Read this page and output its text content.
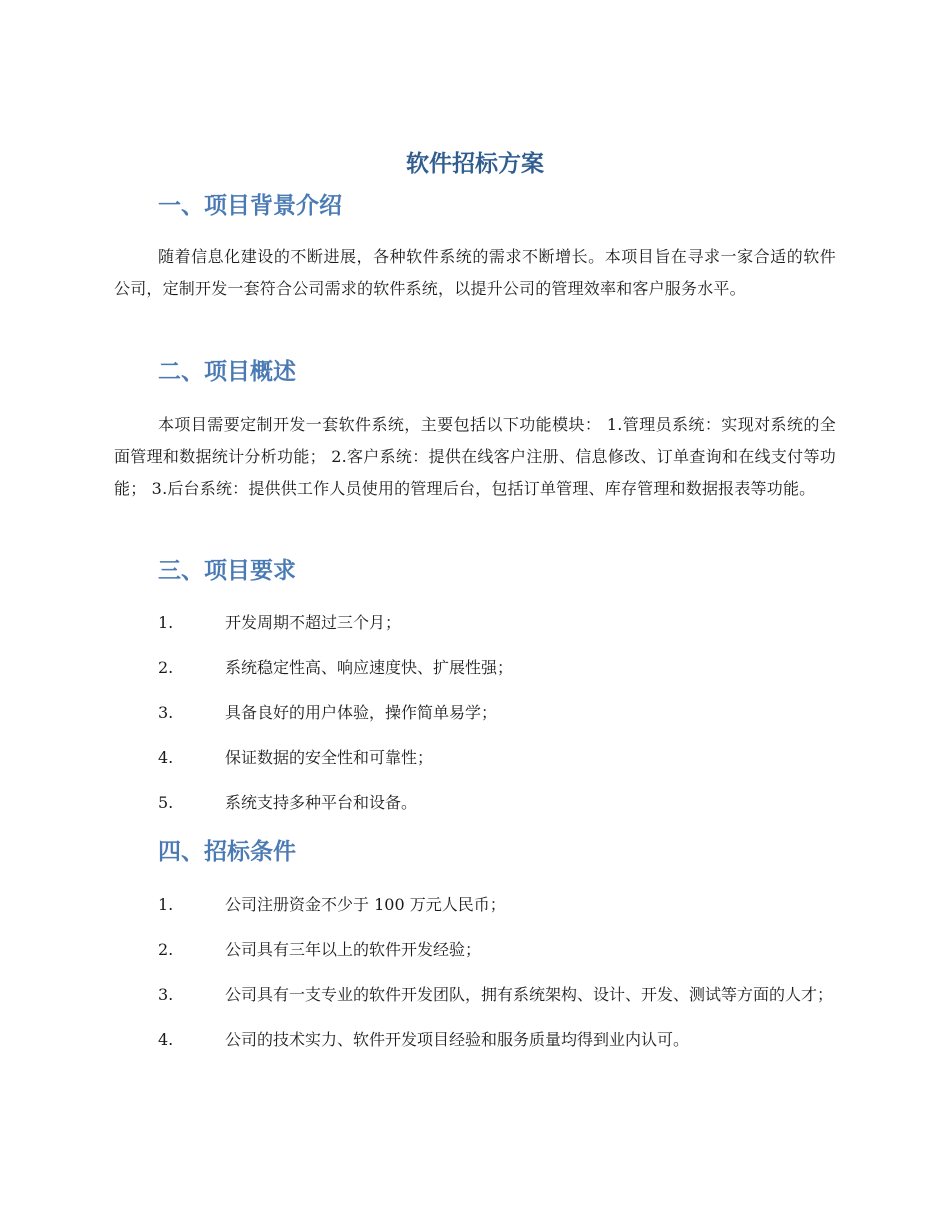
软件招标方案
一、项目背景介绍

随着信息化建设的不断进展，各种软件系统的需求不断增长。本项目旨在寻求一家合适的软件公司，定制开发一套符合公司需求的软件系统，以提升公司的管理效率和客户服务水平。

二、项目概述

本项目需要定制开发一套软件系统，主要包括以下功能模块： 1.管理员系统：实现对系统的全面管理和数据统计分析功能； 2.客户系统：提供在线客户注册、信息修改、订单查询和在线支付等功能； 3.后台系统：提供供工作人员使用的管理后台，包括订单管理、库存管理和数据报表等功能。

三、项目要求
1.	开发周期不超过三个月；
2.	系统稳定性高、响应速度快、扩展性强；
3.	具备良好的用户体验，操作简单易学；
4.	保证数据的安全性和可靠性；
5.	系统支持多种平台和设备。
四、招标条件
1.	公司注册资金不少于 100 万元人民币；
2.	公司具有三年以上的软件开发经验；
3.	公司具有一支专业的软件开发团队，拥有系统架构、设计、开发、测试等方面的人才；
4.	公司的技术实力、软件开发项目经验和服务质量均得到业内认可。
